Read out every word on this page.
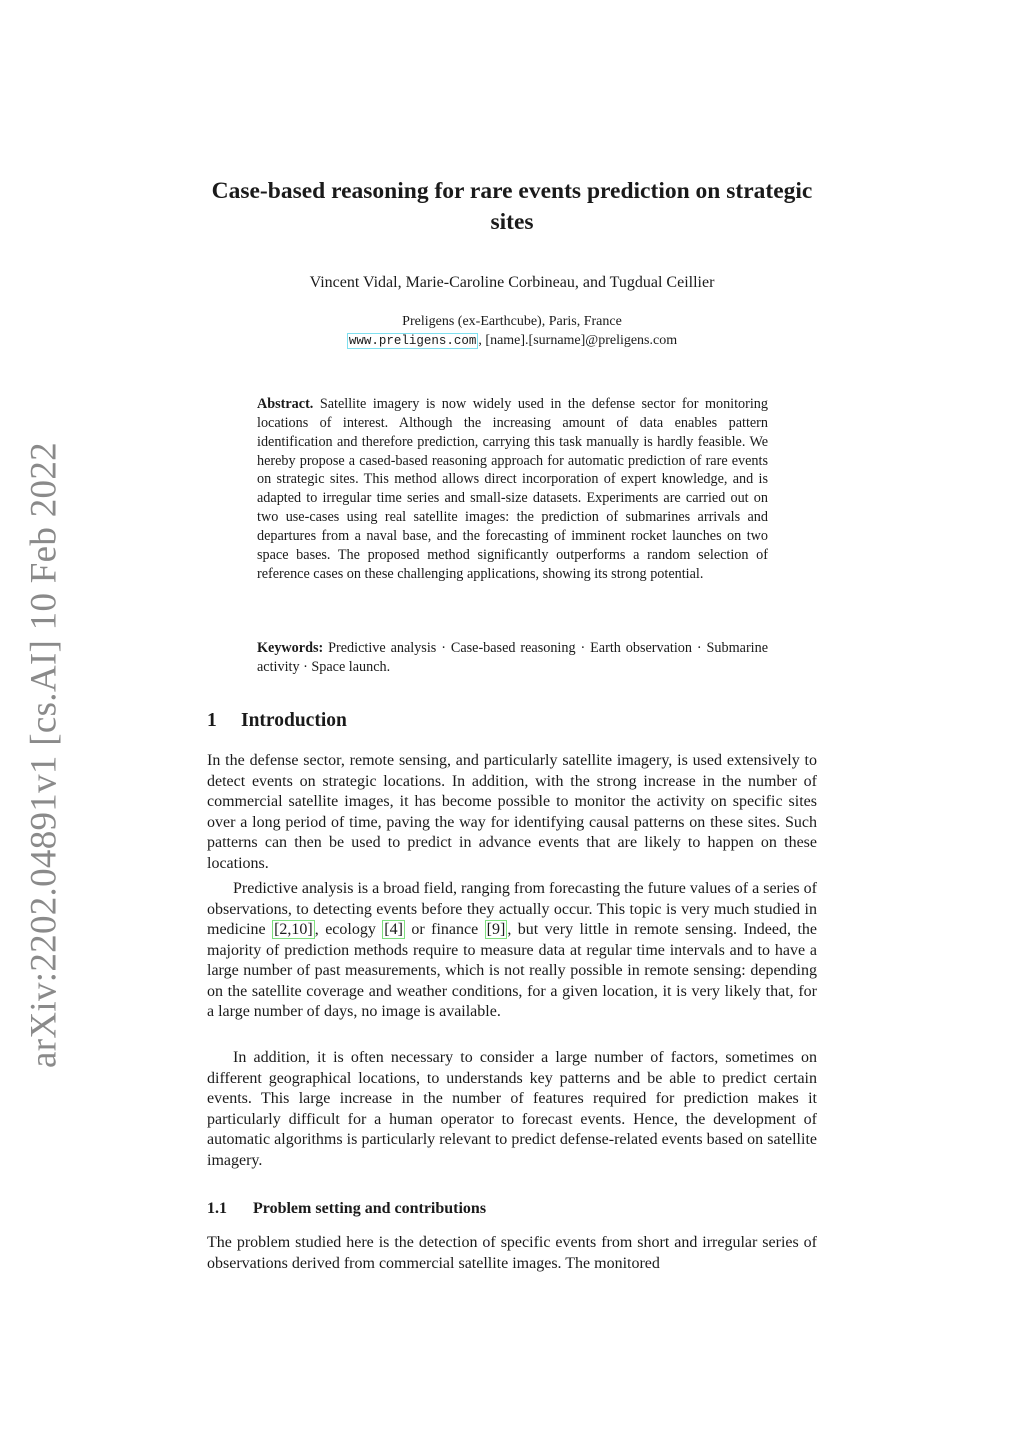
arXiv:2202.04891v1 [cs.AI] 10 Feb 2022
Case-based reasoning for rare events prediction on strategic sites
Vincent Vidal, Marie-Caroline Corbineau, and Tugdual Ceillier
Preligens (ex-Earthcube), Paris, France
www.preligens.com , [name].[surname]@preligens.com

Abstract. Satellite imagery is now widely used in the defense sector for monitoring locations of interest. Although the increasing amount of data enables pattern identification and therefore prediction, carrying this task manually is hardly feasible. We hereby propose a cased-based reasoning approach for automatic prediction of rare events on strategic sites. This method allows direct incorporation of expert knowledge, and is adapted to irregular time series and small-size datasets. Experiments are carried out on two use-cases using real satellite images: the prediction of submarines arrivals and departures from a naval base, and the forecasting of imminent rocket launches on two space bases. The proposed method significantly outperforms a random selection of reference cases on these challenging applications, showing its strong potential.

Keywords: Predictive analysis · Case-based reasoning · Earth observation · Submarine activity · Space launch.

1 Introduction

In the defense sector, remote sensing, and particularly satellite imagery, is used extensively to detect events on strategic locations. In addition, with the strong increase in the number of commercial satellite images, it has become possible to monitor the activity on specific sites over a long period of time, paving the way for identifying causal patterns on these sites. Such patterns can then be used to predict in advance events that are likely to happen on these locations.

Predictive analysis is a broad field, ranging from forecasting the future values of a series of observations, to detecting events before they actually occur. This topic is very much studied in medicine [2,10] , ecology [4] or finance [9] , but very little in remote sensing. Indeed, the majority of prediction methods require to measure data at regular time intervals and to have a large number of past measurements, which is not really possible in remote sensing: depending on the satellite coverage and weather conditions, for a given location, it is very likely that, for a large number of days, no image is available.

In addition, it is often necessary to consider a large number of factors, sometimes on different geographical locations, to understands key patterns and be able to predict certain events. This large increase in the number of features required for prediction makes it particularly difficult for a human operator to forecast events. Hence, the development of automatic algorithms is particularly relevant to predict defense-related events based on satellite imagery.

1.1 Problem setting and contributions

The problem studied here is the detection of specific events from short and irregular series of observations derived from commercial satellite images. The monitored
